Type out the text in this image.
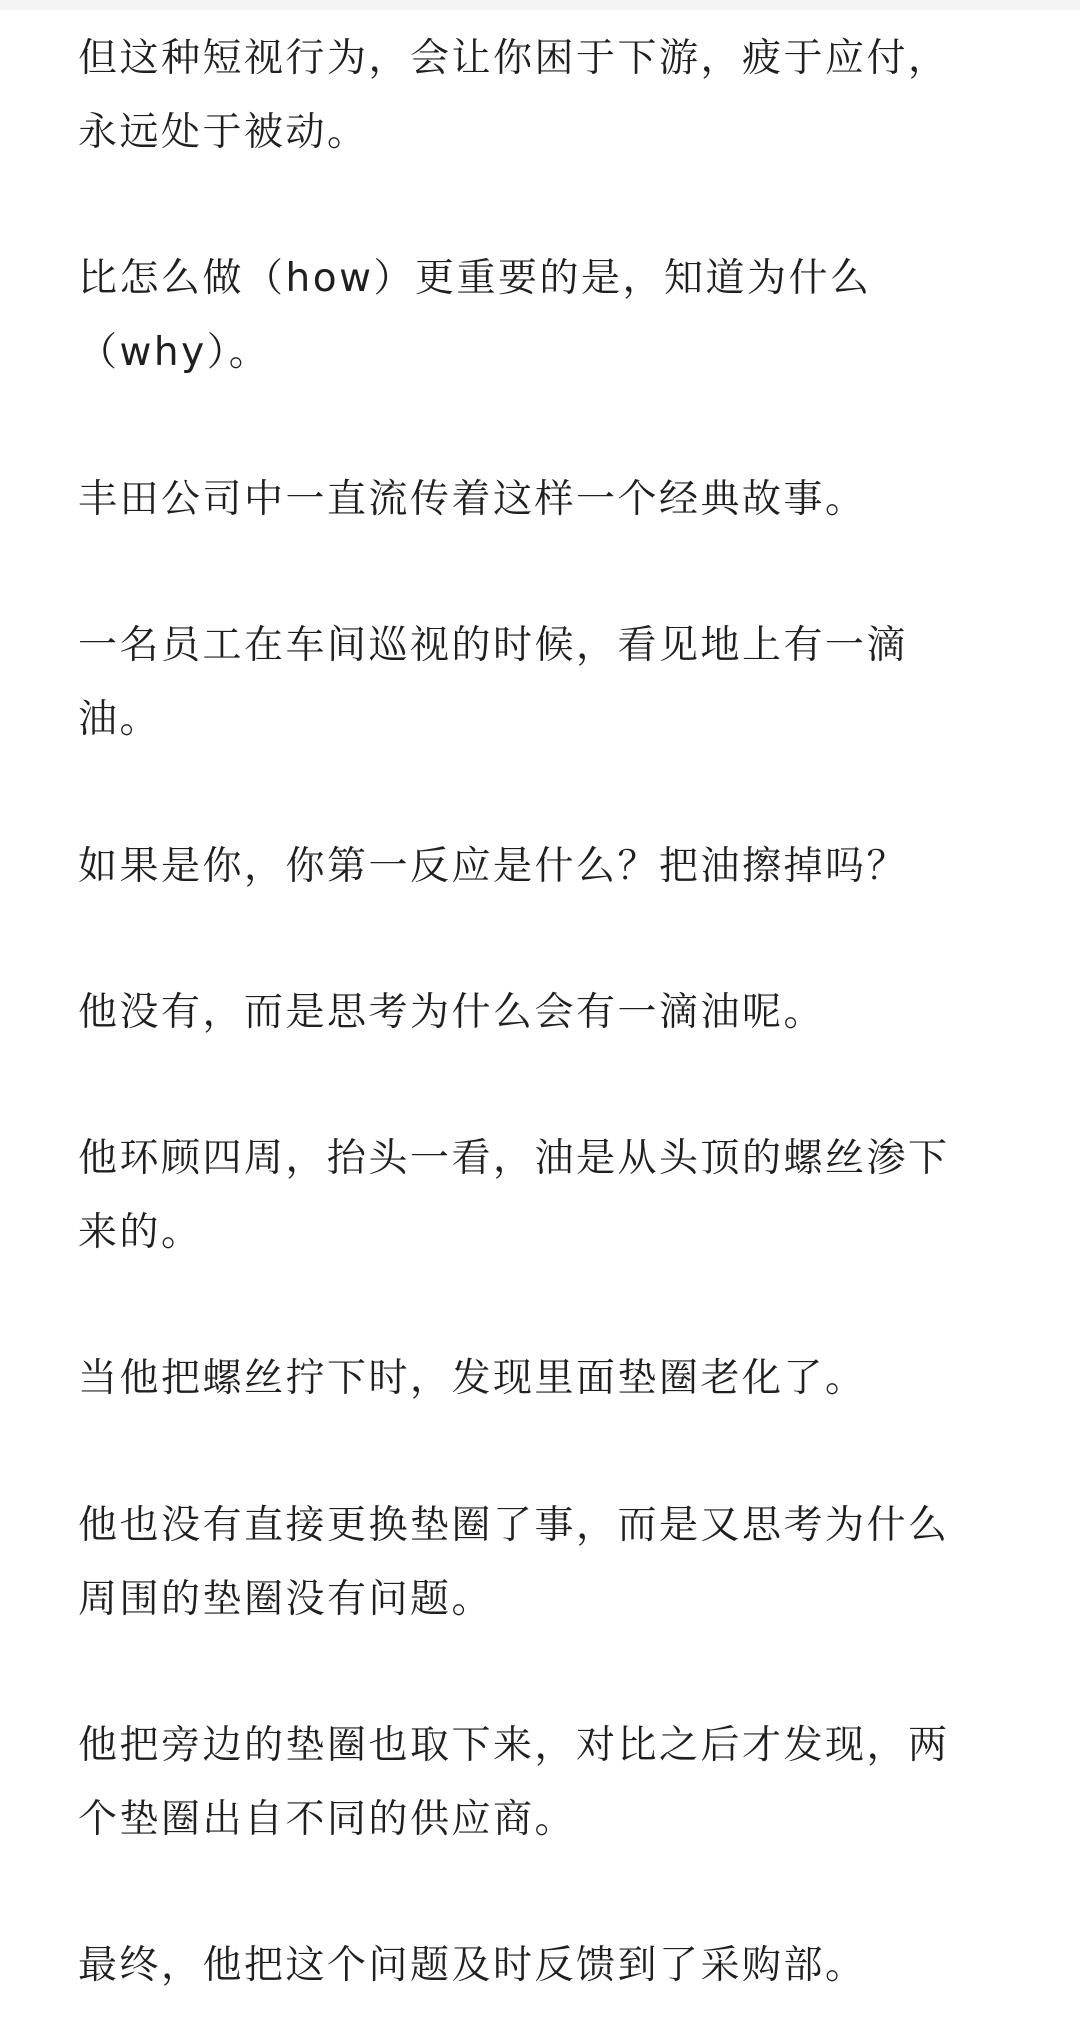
但这种短视行为，会让你困于下游，疲于应付，
永远处于被动。

比怎么做（how）更重要的是，知道为什么
（why）。

丰田公司中一直流传着这样一个经典故事。

一名员工在车间巡视的时候，看见地上有一滴
油。

如果是你，你第一反应是什么？把油擦掉吗？

他没有，而是思考为什么会有一滴油呢。

他环顾四周，抬头一看，油是从头顶的螺丝渗下
来的。

当他把螺丝拧下时，发现里面垫圈老化了。

他也没有直接更换垫圈了事，而是又思考为什么
周围的垫圈没有问题。

他把旁边的垫圈也取下来，对比之后才发现，两
个垫圈出自不同的供应商。

最终，他把这个问题及时反馈到了采购部。
